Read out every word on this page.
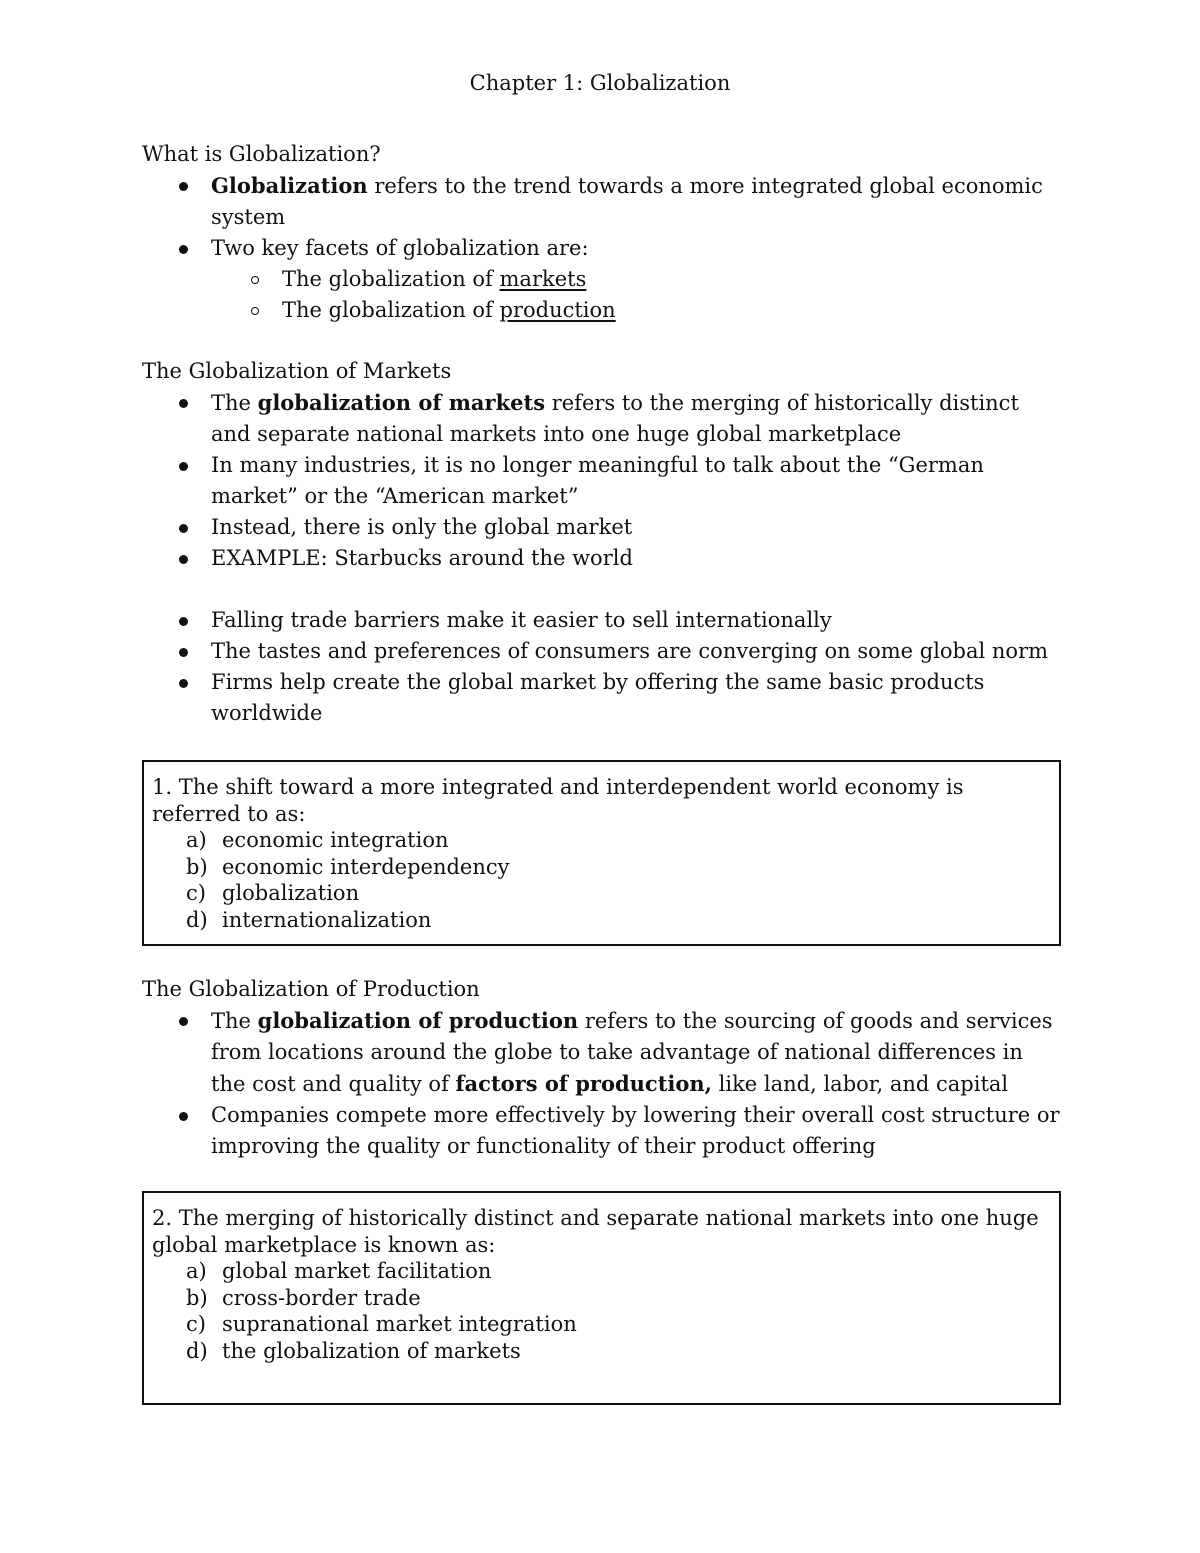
Chapter 1: Globalization
What is Globalization?
Globalization refers to the trend towards a more integrated global economic system
Two key facets of globalization are:
The globalization of markets
The globalization of production
The Globalization of Markets
The globalization of markets refers to the merging of historically distinct and separate national markets into one huge global marketplace
In many industries, it is no longer meaningful to talk about the “German market” or the “American market”
Instead, there is only the global market
EXAMPLE: Starbucks around the world
Falling trade barriers make it easier to sell internationally
The tastes and preferences of consumers are converging on some global norm
Firms help create the global market by offering the same basic products worldwide

1. The shift toward a more integrated and interdependent world economy is referred to as:

a) economic integration
b) economic interdependency
c) globalization
d) internationalization
The Globalization of Production
The globalization of production refers to the sourcing of goods and services from locations around the globe to take advantage of national differences in the cost and quality of factors of production, like land, labor, and capital
Companies compete more effectively by lowering their overall cost structure or improving the quality or functionality of their product offering

2. The merging of historically distinct and separate national markets into one huge global marketplace is known as:

a) global market facilitation
b) cross-border trade
c) supranational market integration
d) the globalization of markets
